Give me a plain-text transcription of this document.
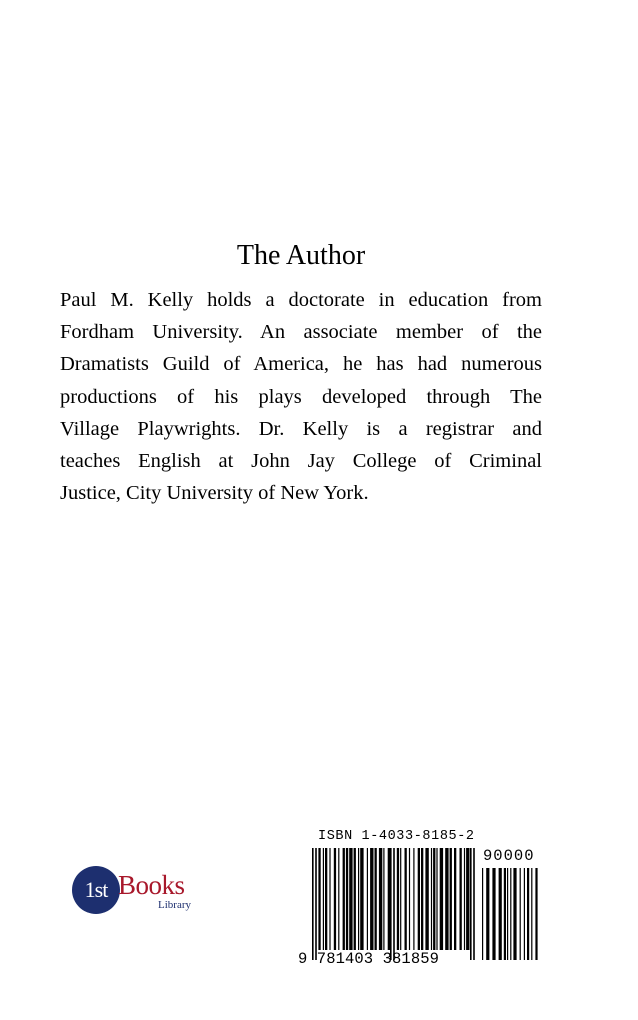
The Author

Paul M. Kelly holds a doctorate in education from
Fordham University. An associate member of the
Dramatists Guild of America, he has had numerous
productions of his plays developed through The
Village Playwrights. Dr. Kelly is a registrar and
teaches English at John Jay College of Criminal
Justice, City University of New York.

1st Books
Library
ISBN 1-4033-8185-2
90000
9 781403 381859
